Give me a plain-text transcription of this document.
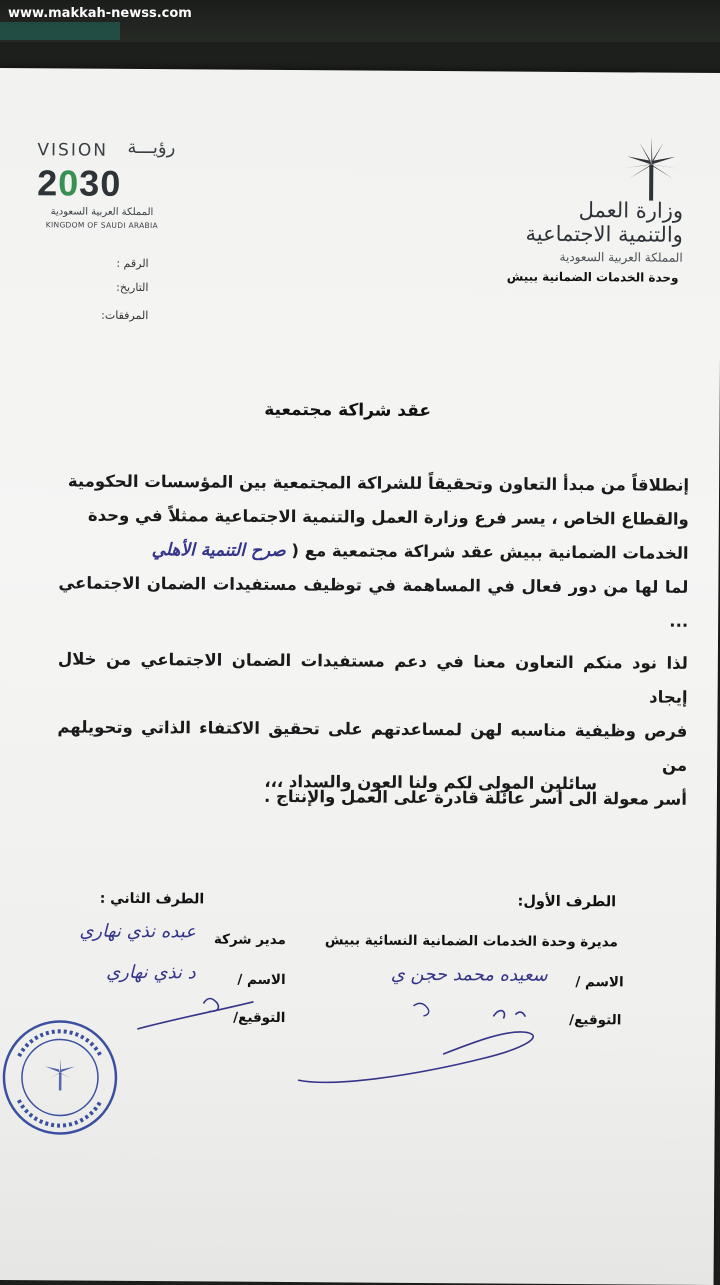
www.makkah-newss.com
VISION رؤيـــة
2030
المملكة العربية السعودية
KINGDOM OF SAUDI ARABIA
وزارة العمل
والتنمية الاجتماعية
المملكة العربية السعودية
وحدة الخدمات الضمانية ببيش
الرقم :
التاريخ:
المرفقات:
عقد شراكة مجتمعية

إنطلاقاً من مبدأ التعاون وتحقيقاً للشراكة المجتمعية بين المؤسسات الحكومية

والقطاع الخاص ، يسر فرع وزارة العمل والتنمية الاجتماعية ممثلاً في وحدة

الخدمات الضمانية ببيش عقد شراكة مجتمعية مع ( صرح التنمية الأهلي

لما لها من دور فعال في المساهمة في توظيف مستفيدات الضمان الاجتماعي ...

لذا نود منكم التعاون معنا في دعم مستفيدات الضمان الاجتماعي من خلال إيجاد

فرص وظيفية مناسبه لهن لمساعدتهم على تحقيق الاكتفاء الذاتي وتحويلهم من

أسر معولة الى أسر عائلة قادرة على العمل والإنتاج .

سائلين المولى لكم ولنا العون والسداد ،،،
الطرف الأول:
مديرة وحدة الخدمات الضمانية النسائية ببيش
الاسم /
سعيده محمد حجن ي
التوقيع/
الطرف الثاني :
مدير شركة
عبده نذي نهاري
الاسم /
د نذي نهاري
التوقيع/
